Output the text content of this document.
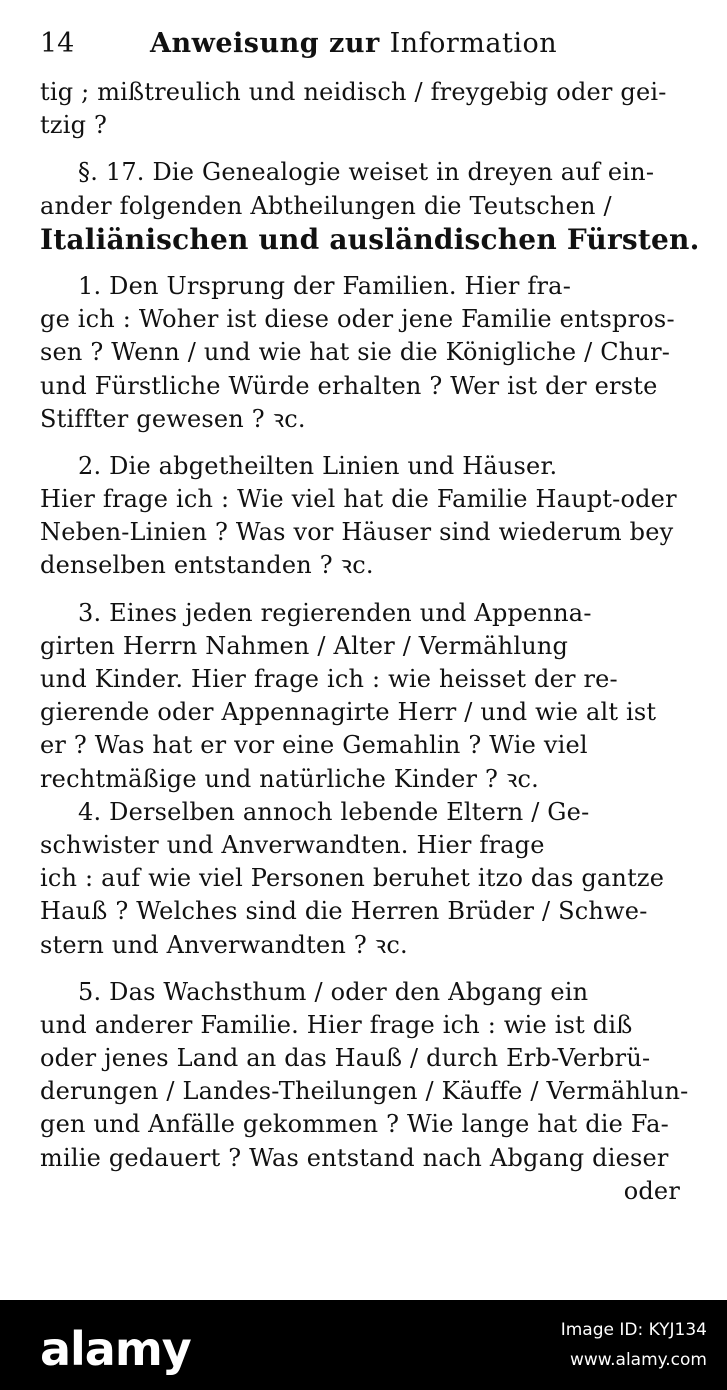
14	Anweisung zur Information
tig ; mißtreulich und neidisch / freygebig oder gei-
tzig ?
§. 17. Die Genealogie weiset in dreyen auf ein-
ander folgenden Abtheilungen die Teutschen /
Italiänischen und ausländischen Fürsten.
1. Den Ursprung der Familien. Hier fra-
ge ich : Woher ist diese oder jene Familie entspros-
sen ? Wenn / und wie hat sie die Königliche / Chur-
und Fürstliche Würde erhalten ? Wer ist der erste
Stiffter gewesen ? ꝛc.
2. Die abgetheilten Linien und Häuser.
Hier frage ich : Wie viel hat die Familie Haupt-oder
Neben-Linien ? Was vor Häuser sind wiederum bey
denselben entstanden ? ꝛc.
3. Eines jeden regierenden und Appenna-
girten Herrn Nahmen / Alter / Vermählung
und Kinder. Hier frage ich : wie heisset der re-
gierende oder Appennagirte Herr / und wie alt ist
er ? Was hat er vor eine Gemahlin ? Wie viel
rechtmäßige und natürliche Kinder ? ꝛc.
4. Derselben annoch lebende Eltern / Ge-
schwister und Anverwandten. Hier frage
ich : auf wie viel Personen beruhet itzo das gantze
Hauß ? Welches sind die Herren Brüder / Schwe-
stern und Anverwandten ? ꝛc.
5. Das Wachsthum / oder den Abgang ein
und anderer Familie. Hier frage ich : wie ist diß
oder jenes Land an das Hauß / durch Erb-Verbrü-
derungen / Landes-Theilungen / Käuffe / Vermählun-
gen und Anfälle gekommen ? Wie lange hat die Fa-
milie gedauert ? Was entstand nach Abgang dieser
oder
alamy	Image ID: KYJ134
www.alamy.com
